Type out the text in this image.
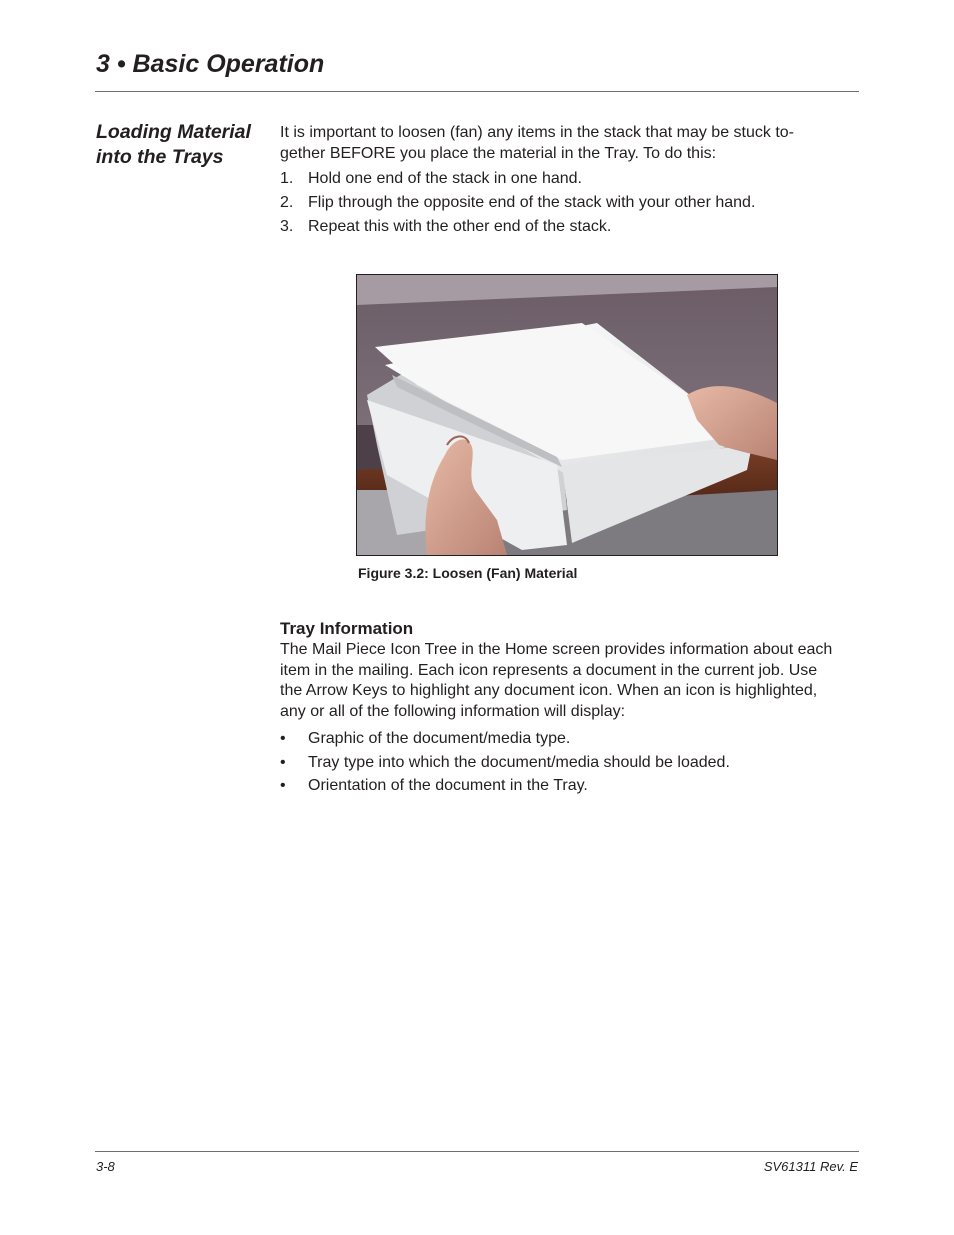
3 • Basic Operation
Loading Material into the Trays

It is important to loosen (fan) any items in the stack that may be stuck to- gether BEFORE you place the material in the Tray. To do this:

1. Hold one end of the stack in one hand.
2. Flip through the opposite end of the stack with your other hand.
3. Repeat this with the other end of the stack.
Figure 3.2: Loosen (Fan) Material
Tray Information

The Mail Piece Icon Tree in the Home screen provides information about each item in the mailing. Each icon represents a document in the current job. Use the Arrow Keys to highlight any document icon. When an icon is highlighted, any or all of the following information will display:

• Graphic of the document/media type.
• Tray type into which the document/media should be loaded.
• Orientation of the document in the Tray.
3-8	SV61311 Rev. E
